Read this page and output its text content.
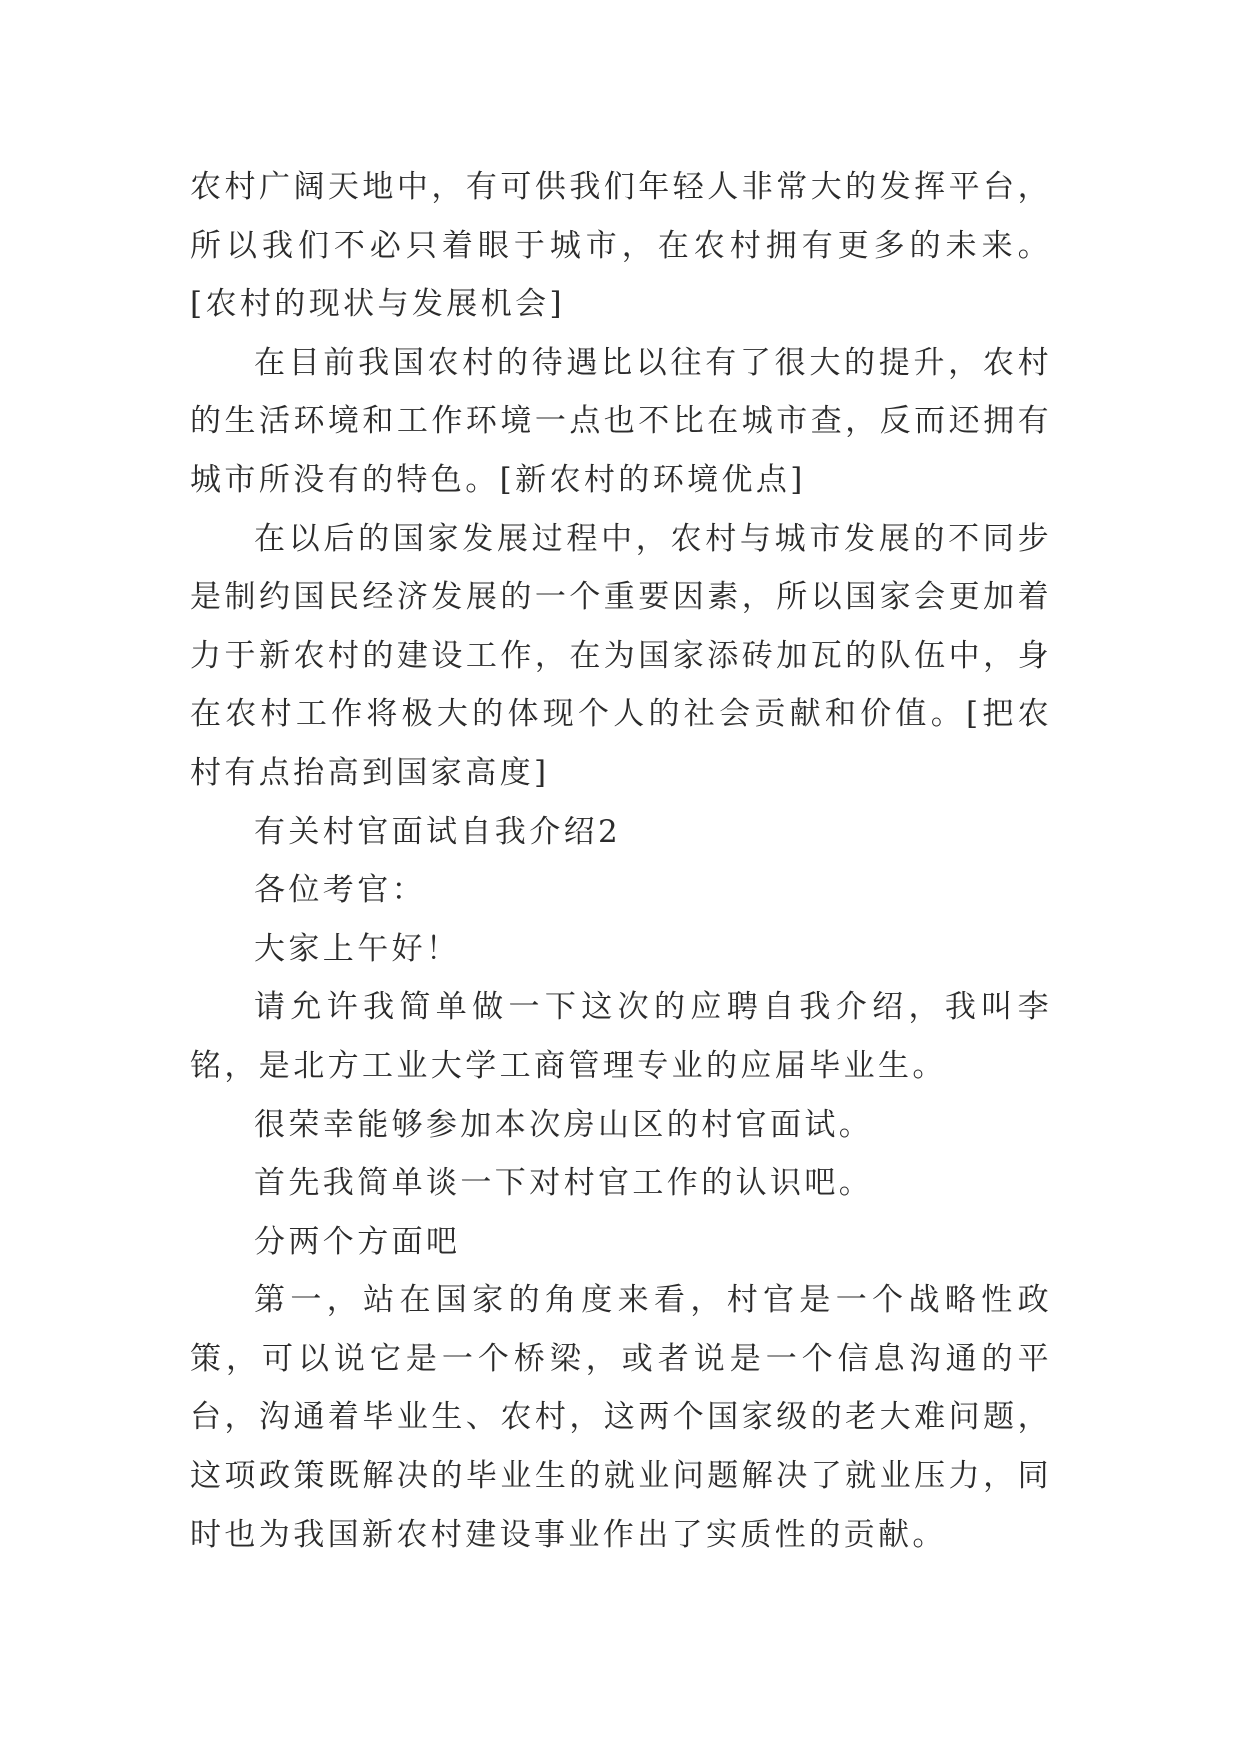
农村广阔天地中，有可供我们年轻人非常大的发挥平台，所以我们不必只着眼于城市，在农村拥有更多的未来。[农村的现状与发展机会]

在目前我国农村的待遇比以往有了很大的提升，农村的生活环境和工作环境一点也不比在城市查，反而还拥有城市所没有的特色。[新农村的环境优点]

在以后的国家发展过程中，农村与城市发展的不同步是制约国民经济发展的一个重要因素，所以国家会更加着力于新农村的建设工作，在为国家添砖加瓦的队伍中，身在农村工作将极大的体现个人的社会贡献和价值。[把农村有点抬高到国家高度]

有关村官面试自我介绍2

各位考官：

大家上午好！

请允许我简单做一下这次的应聘自我介绍，我叫李铭，是北方工业大学工商管理专业的应届毕业生。

很荣幸能够参加本次房山区的村官面试。

首先我简单谈一下对村官工作的认识吧。

分两个方面吧

第一，站在国家的角度来看，村官是一个战略性政策，可以说它是一个桥梁，或者说是一个信息沟通的平台，沟通着毕业生、农村，这两个国家级的老大难问题，这项政策既解决的毕业生的就业问题解决了就业压力，同时也为我国新农村建设事业作出了实质性的贡献。
